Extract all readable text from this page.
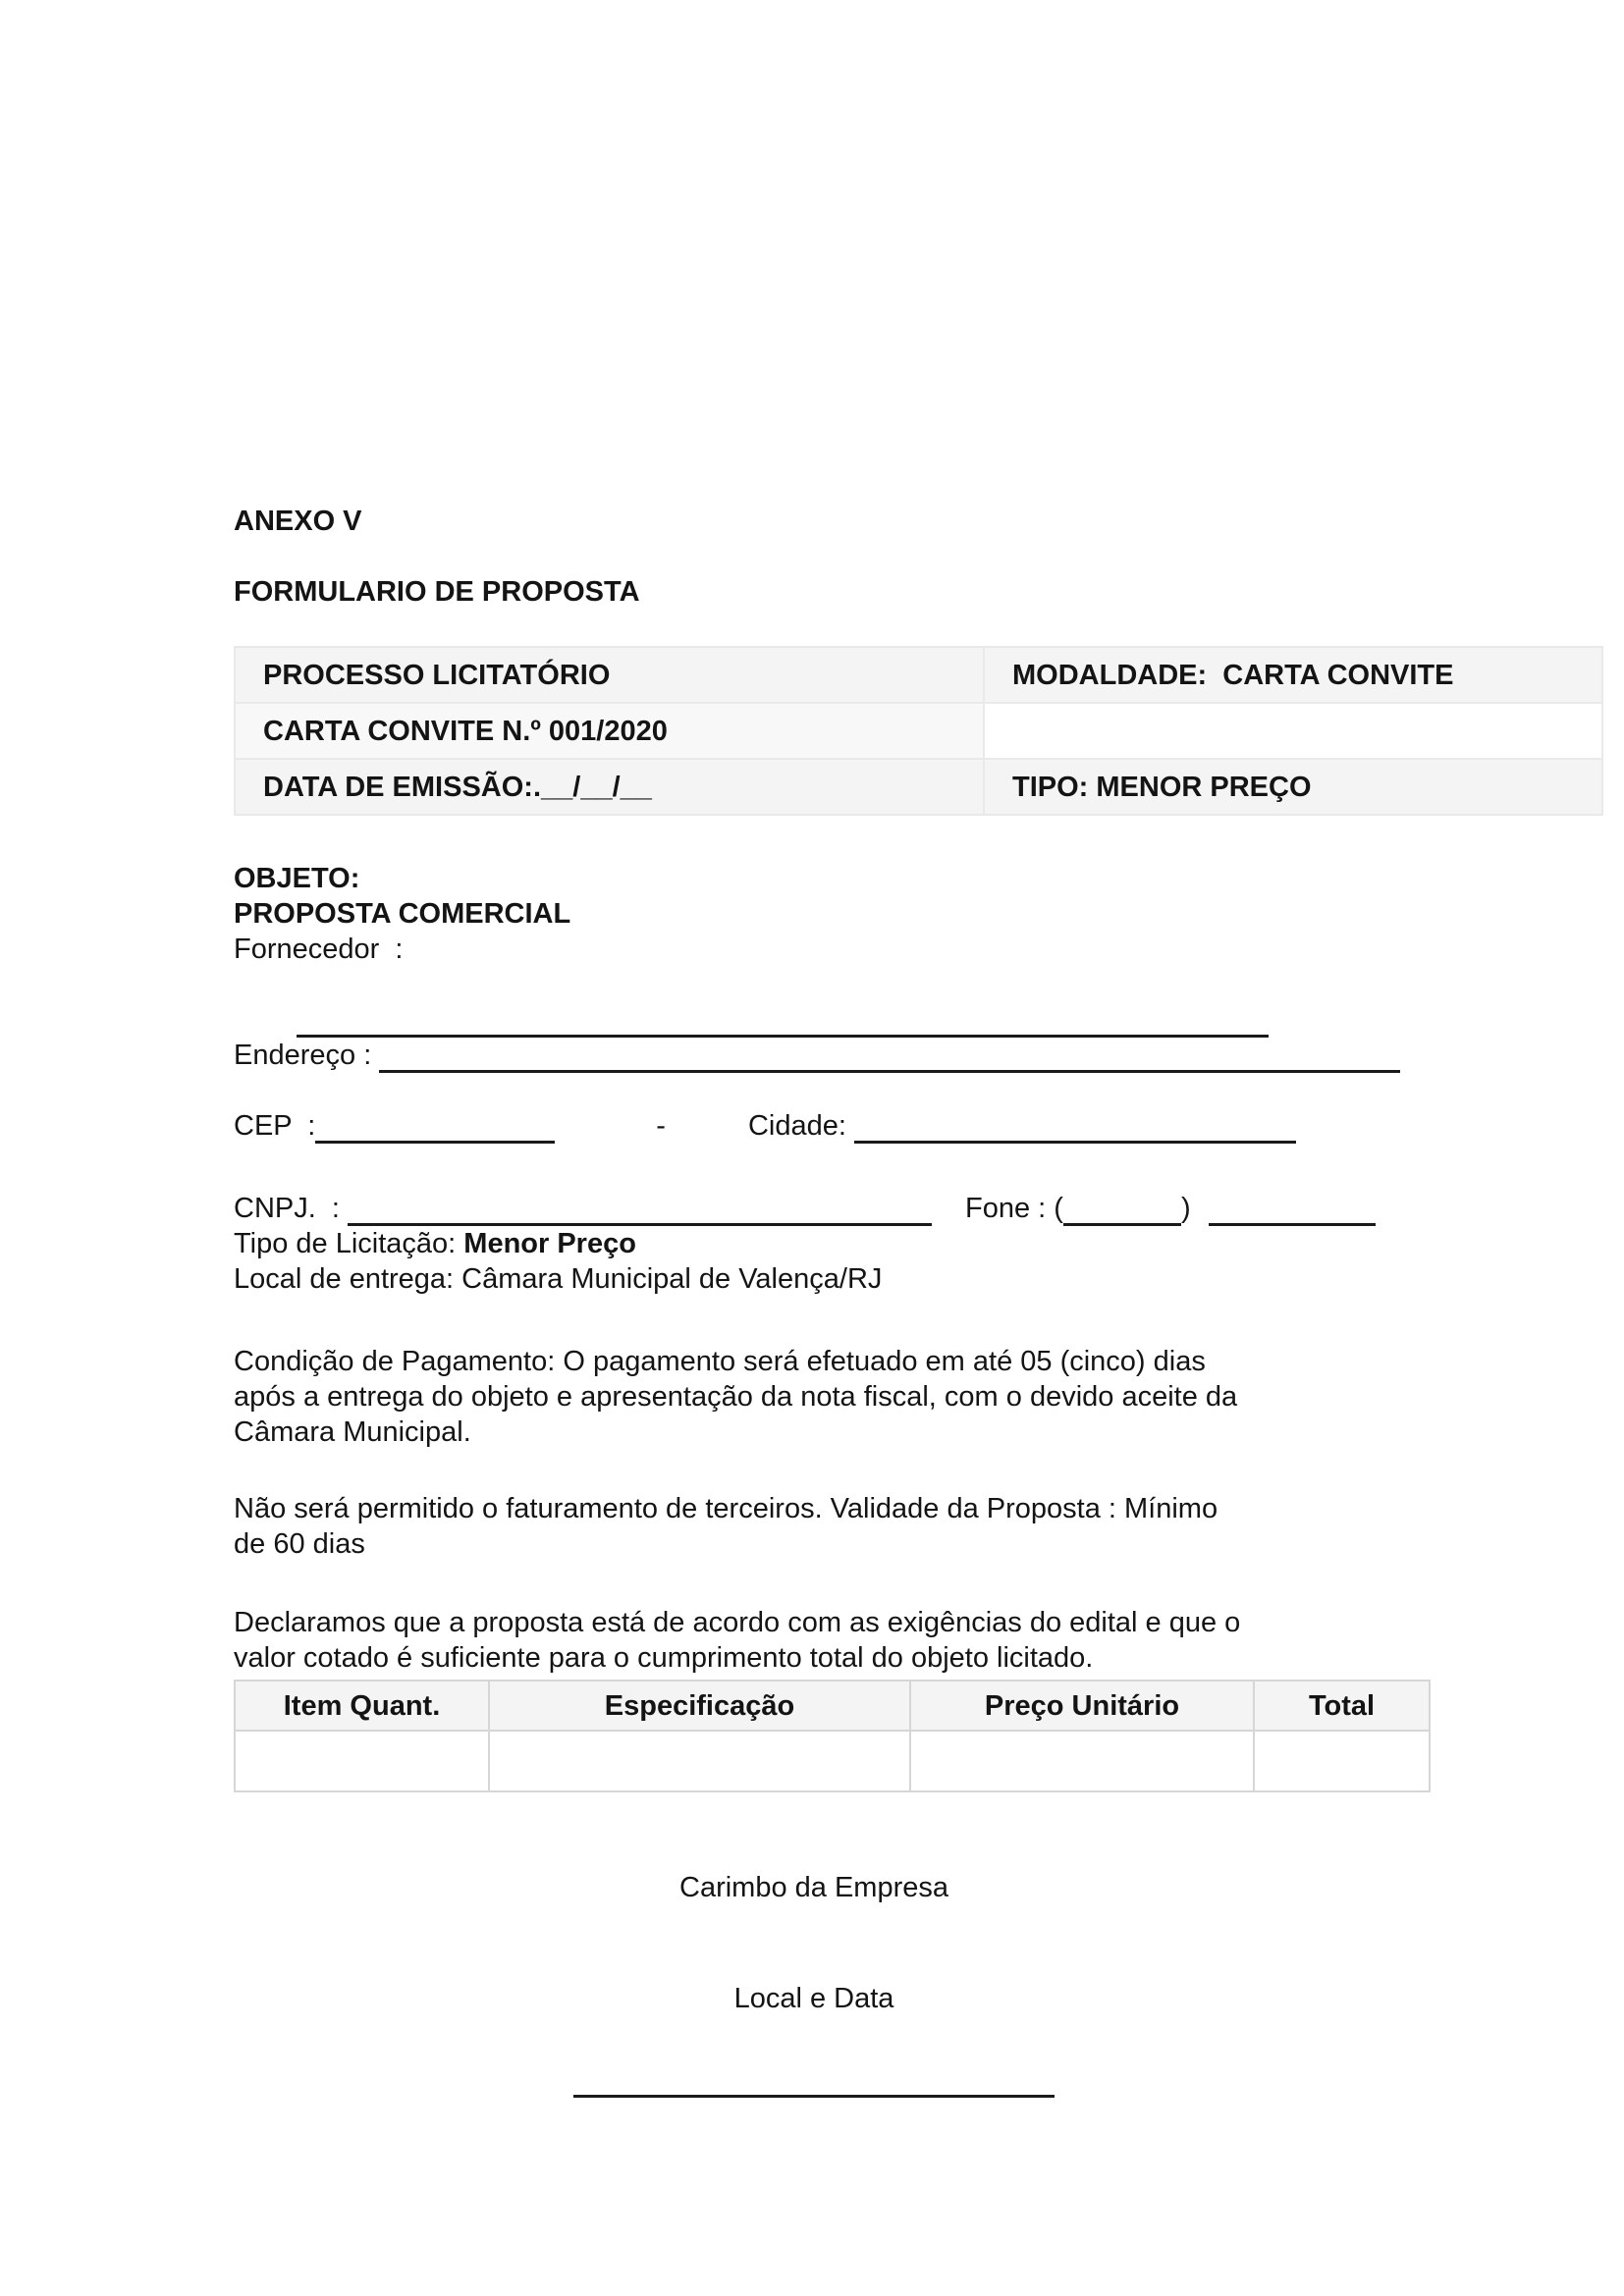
ANEXO V
FORMULARIO DE PROPOSTA
PROCESSO LICITATÓRIO	MODALDADE:  CARTA CONVITE
CARTA CONVITE N.º 001/2020	
DATA DE EMISSÃO:.__/__/__	TIPO: MENOR PREÇO
OBJETO:
PROPOSTA COMERCIAL
Fornecedor  :

Endereço :
CEP  :	-	Cidade:
CNPJ.  :	Fone : (	)
Tipo de Licitação: Menor Preço
Local de entrega: Câmara Municipal de Valença/RJ
Condição de Pagamento: O pagamento será efetuado em até 05 (cinco) dias
após a entrega do objeto e apresentação da nota fiscal, com o devido aceite da
Câmara Municipal.
Não será permitido o faturamento de terceiros. Validade da Proposta : Mínimo
de 60 dias
Declaramos que a proposta está de acordo com as exigências do edital e que o
valor cotado é suficiente para o cumprimento total do objeto licitado.
Item Quant.	Especificação	Preço Unitário	Total

Carimbo da Empresa
Local e Data
